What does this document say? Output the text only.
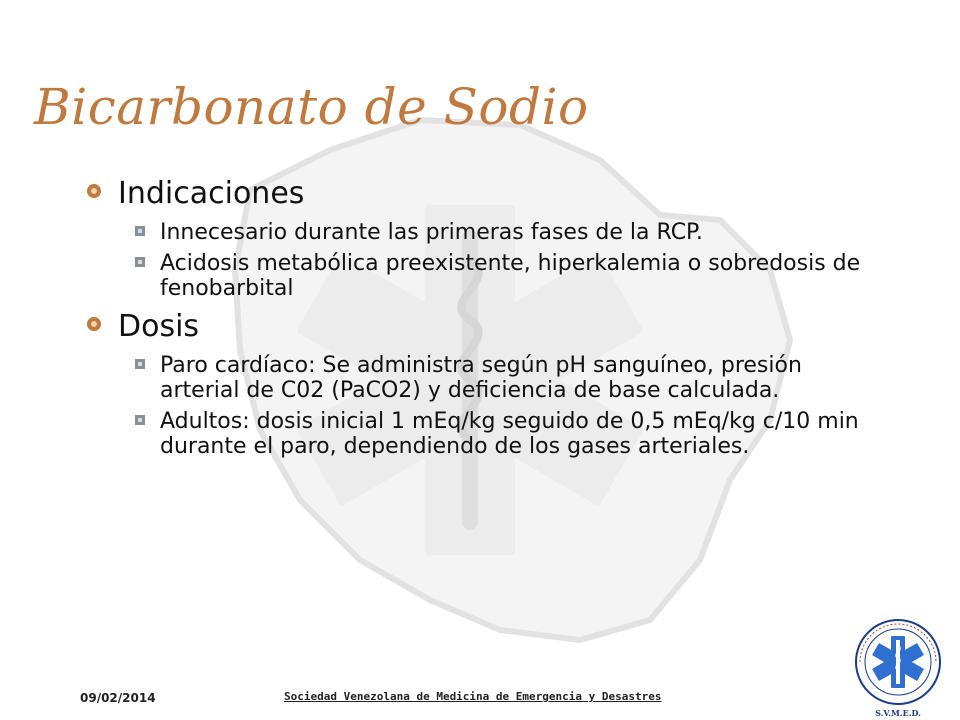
Bicarbonato de Sodio
Indicaciones
Innecesario durante las primeras fases de la RCP.
Acidosis metabólica preexistente, hiperkalemia o sobredosis de fenobarbital
Dosis
Paro cardíaco: Se administra según pH sanguíneo, presión arterial de C02 (PaCO2) y deficiencia de base calculada.
Adultos: dosis inicial 1 mEq/kg seguido de 0,5 mEq/kg c/10 min durante el paro, dependiendo de los gases arteriales.
09/02/2014	Sociedad Venezolana de Medicina de Emergencia y Desastres
S.V.M.E.D.
